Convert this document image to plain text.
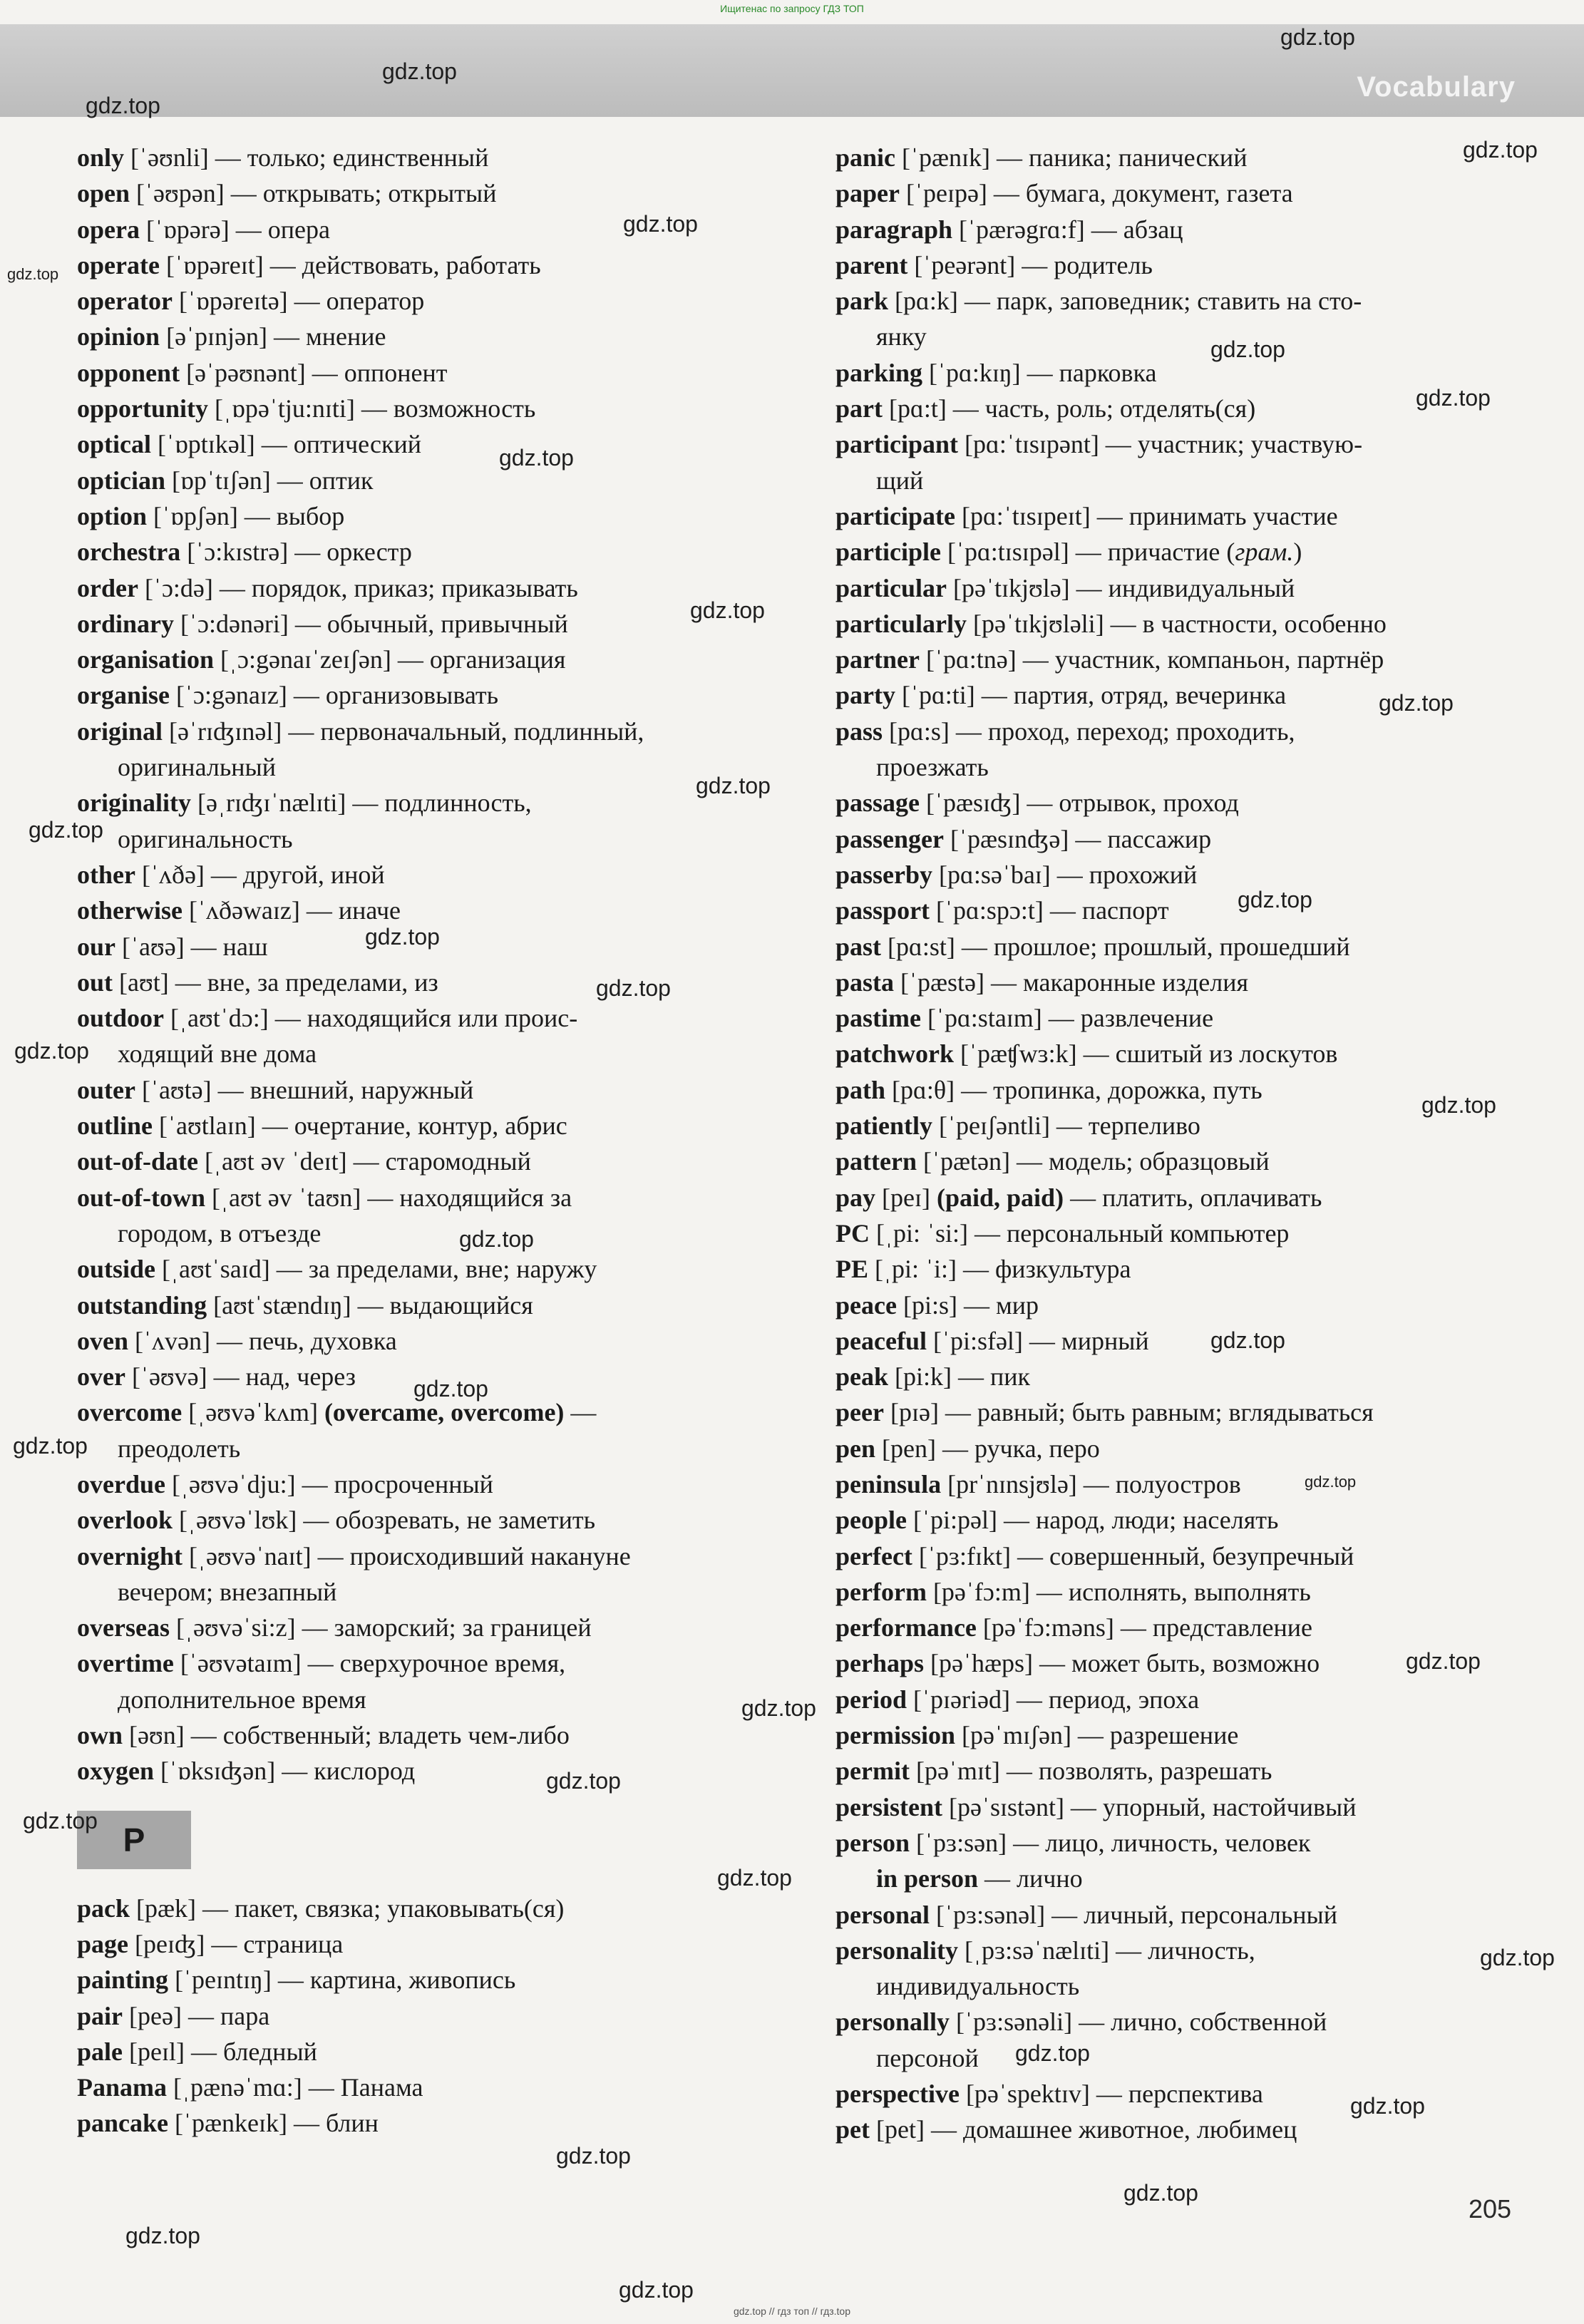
Ищитенас по запросу ГДЗ ТОП
Vocabulary
only [ˈəʊnli] — только; единственный
open [ˈəʊpən] — открывать; открытый
opera [ˈɒpərə] — опера
operate [ˈɒpəreɪt] — действовать, работать
operator [ˈɒpəreɪtə] — оператор
opinion [əˈpɪnjən] — мнение
opponent [əˈpəʊnənt] — оппонент
opportunity [ˌɒpəˈtju:nɪti] — возможность
optical [ˈɒptɪkəl] — оптический
optician [ɒpˈtɪʃən] — оптик
option [ˈɒpʃən] — выбор
orchestra [ˈɔ:kɪstrə] — оркестр
order [ˈɔ:də] — порядок, приказ; приказывать
ordinary [ˈɔ:dənəri] — обычный, привычный
organisation [ˌɔ:gənaɪˈzeɪʃən] — организация
organise [ˈɔ:gənaɪz] — организовывать
original [əˈrɪʤɪnəl] — первоначальный, подлинный,
оригинальный
originality [əˌrɪʤɪˈnælɪti] — подлинность,
оригинальность
other [ˈʌðə] — другой, иной
otherwise [ˈʌðəwaɪz] — иначе
our [ˈaʊə] — наш
out [aʊt] — вне, за пределами, из
outdoor [ˌaʊtˈdɔ:] — находящийся или проис-
ходящий вне дома
outer [ˈaʊtə] — внешний, наружный
outline [ˈaʊtlaɪn] — очертание, контур, абрис
out-of-date [ˌaʊt əv ˈdeɪt] — старомодный
out-of-town [ˌaʊt əv ˈtaʊn] — находящийся за
городом, в отъезде
outside [ˌaʊtˈsaɪd] — за пределами, вне; наружу
outstanding [aʊtˈstændɪŋ] — выдающийся
oven [ˈʌvən] — печь, духовка
over [ˈəʊvə] — над, через
overcome [ˌəʊvəˈkʌm] (overcame, overcome) —
преодолеть
overdue [ˌəʊvəˈdju:] — просроченный
overlook [ˌəʊvəˈlʊk] — обозревать, не заметить
overnight [ˌəʊvəˈnaɪt] — происходивший накануне
вечером; внезапный
overseas [ˌəʊvəˈsi:z] — заморский; за границей
overtime [ˈəʊvətaɪm] — сверхурочное время,
дополнительное время
own [əʊn] — собственный; владеть чем-либо
oxygen [ˈɒksɪʤən] — кислород
P
pack [pæk] — пакет, связка; упаковывать(ся)
page [peɪʤ] — страница
painting [ˈpeɪntɪŋ] — картина, живопись
pair [peə] — пара
pale [peɪl] — бледный
Panama [ˌpænəˈmɑ:] — Панама
pancake [ˈpænkeɪk] — блин
panic [ˈpænɪk] — паника; панический
paper [ˈpeɪpə] — бумага, документ, газета
paragraph [ˈpærəgrɑ:f] — абзац
parent [ˈpeərənt] — родитель
park [pɑ:k] — парк, заповедник; ставить на сто-
янку
parking [ˈpɑ:kɪŋ] — парковка
part [pɑ:t] — часть, роль; отделять(ся)
participant [pɑ:ˈtɪsɪpənt] — участник; участвую-
щий
participate [pɑ:ˈtɪsɪpeɪt] — принимать участие
participle [ˈpɑ:tɪsɪpəl] — причастие (грам.)
particular [pəˈtɪkjʊlə] — индивидуальный
particularly [pəˈtɪkjʊləli] — в частности, особенно
partner [ˈpɑ:tnə] — участник, компаньон, партнёр
party [ˈpɑ:ti] — партия, отряд, вечеринка
pass [pɑ:s] — проход, переход; проходить,
проезжать
passage [ˈpæsɪʤ] — отрывок, проход
passenger [ˈpæsɪnʤə] — пассажир
passerby [pɑ:səˈbaɪ] — прохожий
passport [ˈpɑ:spɔ:t] — паспорт
past [pɑ:st] — прошлое; прошлый, прошедший
pasta [ˈpæstə] — макаронные изделия
pastime [ˈpɑ:staɪm] — развлечение
patchwork [ˈpæʧwɜ:k] — сшитый из лоскутов
path [pɑ:θ] — тропинка, дорожка, путь
patiently [ˈpeɪʃəntli] — терпеливо
pattern [ˈpætən] — модель; образцовый
pay [peɪ] (paid, paid) — платить, оплачивать
PC [ˌpi: ˈsi:] — персональный компьютер
PE [ˌpi: ˈi:] — физкультура
peace [pi:s] — мир
peaceful [ˈpi:sfəl] — мирный
peak [pi:k] — пик
peer [pɪə] — равный; быть равным; вглядываться
pen [pen] — ручка, перо
peninsula [prˈnɪnsjʊlə] — полуостров
people [ˈpi:pəl] — народ, люди; населять
perfect [ˈpɜ:fɪkt] — совершенный, безупречный
perform [pəˈfɔ:m] — исполнять, выполнять
performance [pəˈfɔ:məns] — представление
perhaps [pəˈhæps] — может быть, возможно
period [ˈpɪəriəd] — период, эпоха
permission [pəˈmɪʃən] — разрешение
permit [pəˈmɪt] — позволять, разрешать
persistent [pəˈsɪstənt] — упорный, настойчивый
person [ˈpɜ:sən] — лицо, личность, человек
in person — лично
personal [ˈpɜ:sənəl] — личный, персональный
personality [ˌpɜ:səˈnælɪti] — личность,
индивидуальность
personally [ˈpɜ:sənəli] — лично, собственной
персоной
perspective [pəˈspektɪv] — перспектива
pet [pet] — домашнее животное, любимец
205
gdz.top
gdz.top
gdz.top
gdz.top
gdz.top
gdz.top
gdz.top
gdz.top
gdz.top
gdz.top
gdz.top
gdz.top
gdz.top
gdz.top
gdz.top
gdz.top
gdz.top
gdz.top
gdz.top
gdz.top
gdz.top
gdz.top
gdz.top
gdz.top
gdz.top
gdz.top
gdz.top
gdz.top
gdz.top
gdz.top
gdz.top
gdz.top
gdz.top
gdz.top
gdz.top
gdz.top // гдз топ // гдз.top
